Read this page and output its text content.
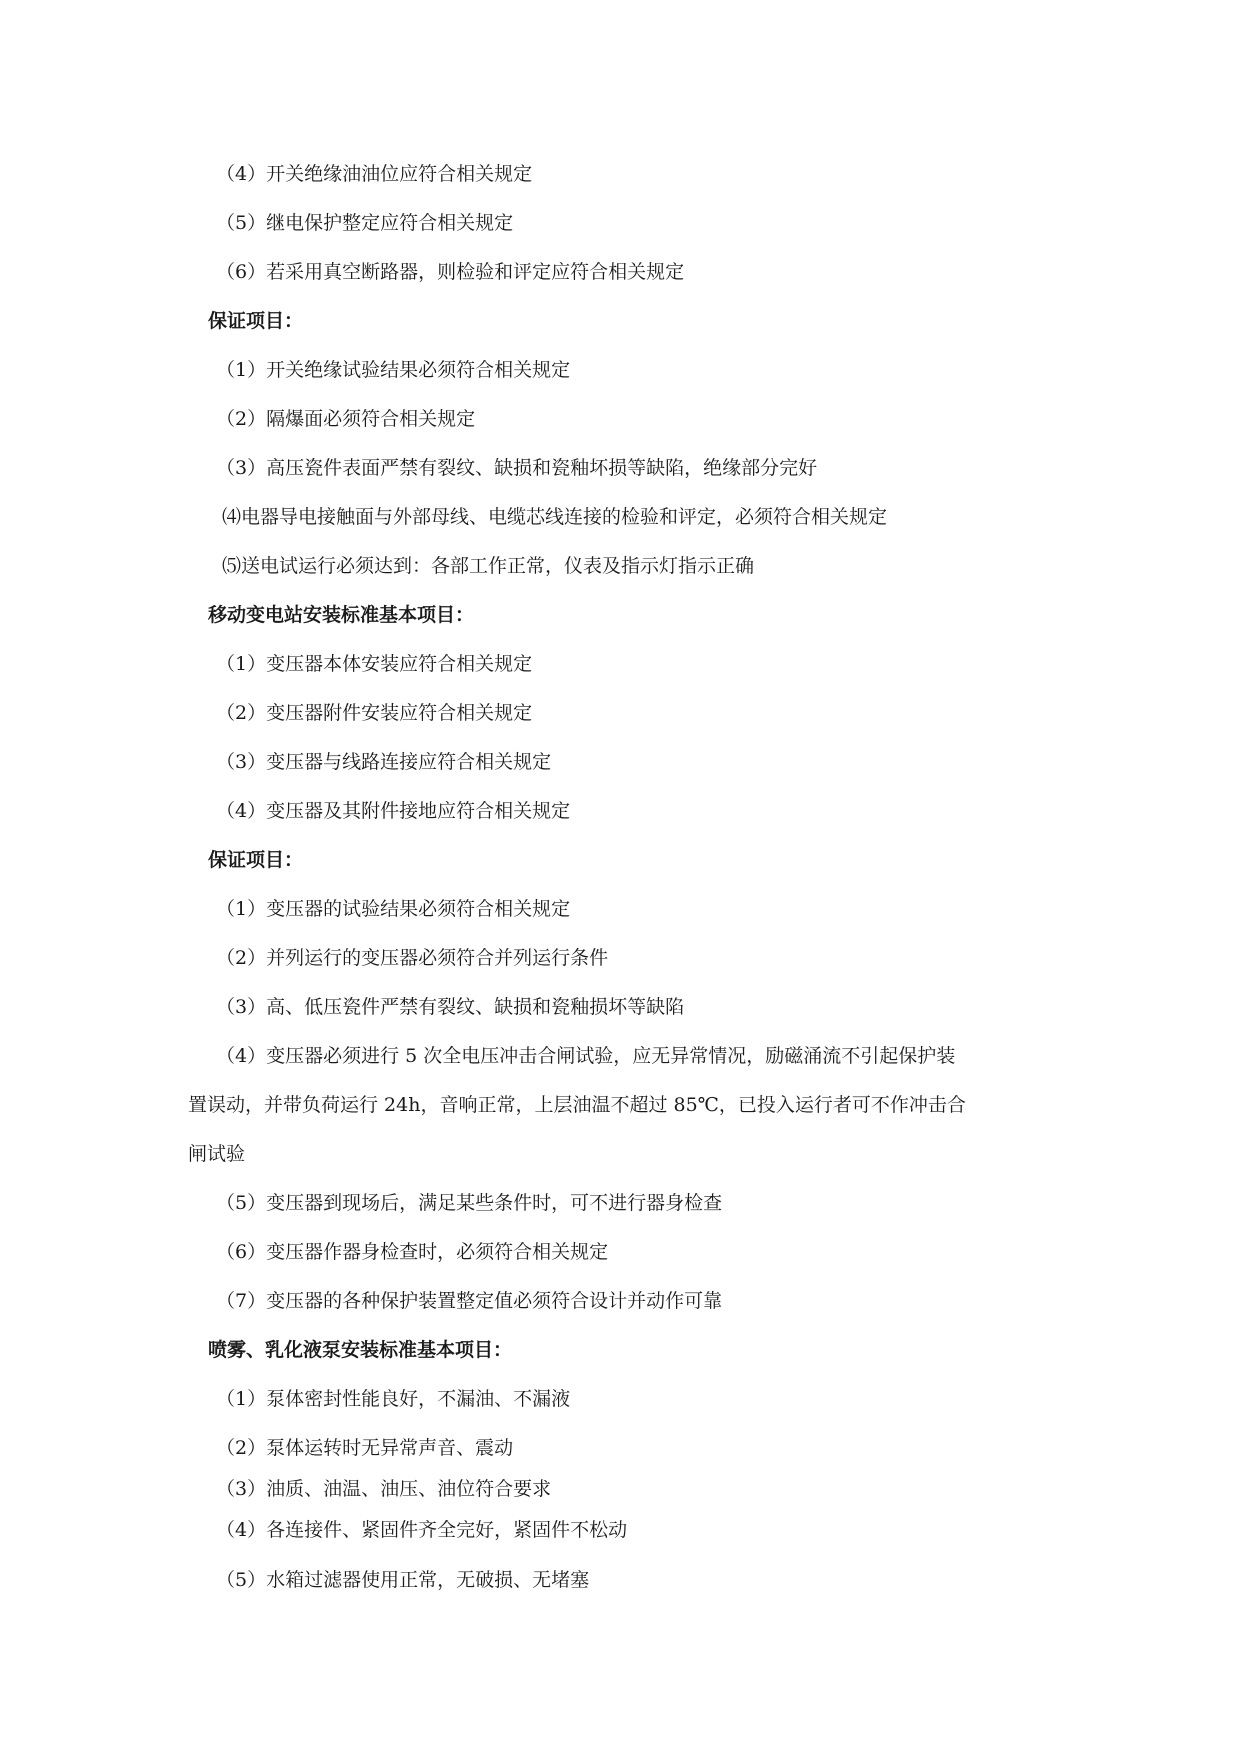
（4）开关绝缘油油位应符合相关规定
（5）继电保护整定应符合相关规定
（6）若采用真空断路器，则检验和评定应符合相关规定
保证项目：
（1）开关绝缘试验结果必须符合相关规定
（2）隔爆面必须符合相关规定
（3）高压瓷件表面严禁有裂纹、缺损和瓷釉坏损等缺陷，绝缘部分完好
⑷电器导电接触面与外部母线、电缆芯线连接的检验和评定，必须符合相关规定
⑸送电试运行必须达到：各部工作正常，仪表及指示灯指示正确
移动变电站安装标准基本项目：
（1）变压器本体安装应符合相关规定
（2）变压器附件安装应符合相关规定
（3）变压器与线路连接应符合相关规定
（4）变压器及其附件接地应符合相关规定
保证项目：
（1）变压器的试验结果必须符合相关规定
（2）并列运行的变压器必须符合并列运行条件
（3）高、低压瓷件严禁有裂纹、缺损和瓷釉损坏等缺陷
（4）变压器必须进行 5 次全电压冲击合闸试验，应无异常情况，励磁涌流不引起保护装
置误动，并带负荷运行 24h，音响正常，上层油温不超过 85℃，已投入运行者可不作冲击合
闸试验
（5）变压器到现场后，满足某些条件时，可不进行器身检查
（6）变压器作器身检查时，必须符合相关规定
（7）变压器的各种保护装置整定值必须符合设计并动作可靠
喷雾、乳化液泵安装标准基本项目：
（1）泵体密封性能良好，不漏油、不漏液
（2）泵体运转时无异常声音、震动
（3）油质、油温、油压、油位符合要求
（4）各连接件、紧固件齐全完好，紧固件不松动
（5）水箱过滤器使用正常，无破损、无堵塞
